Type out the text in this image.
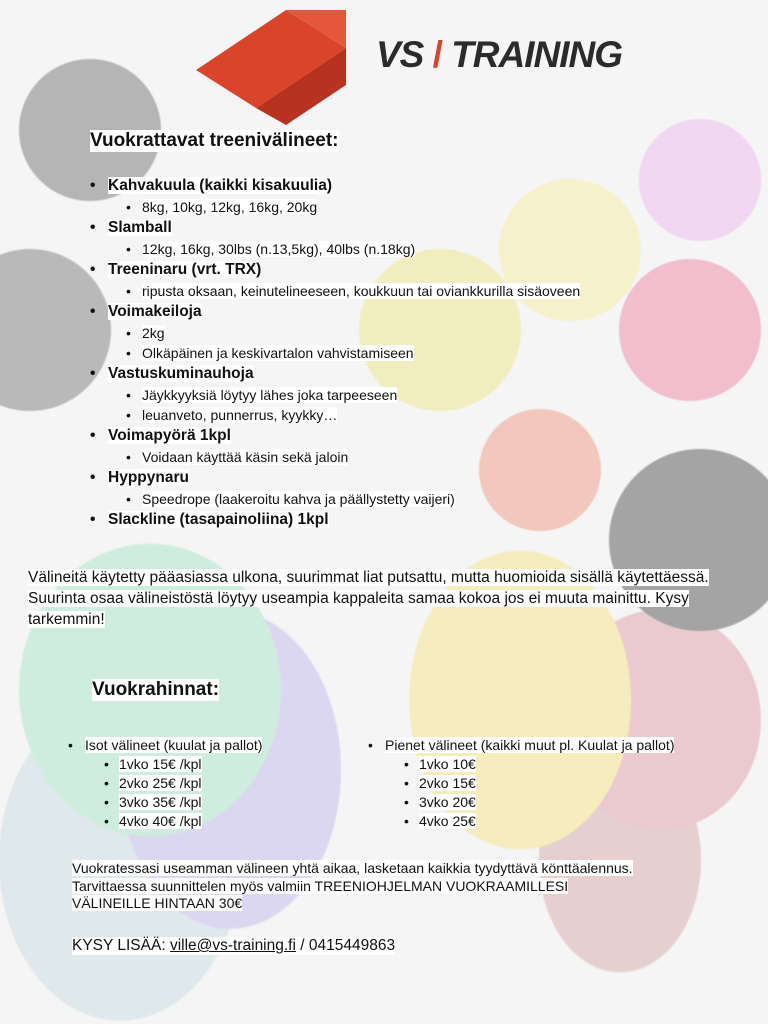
VS / TRAINING
Vuokrattavat treenivälineet:
• Kahvakuula (kaikki kisakuulia)
• 8kg, 10kg, 12kg, 16kg, 20kg
• Slamball
• 12kg, 16kg, 30lbs (n.13,5kg), 40lbs (n.18kg)
• Treeninaru (vrt. TRX)
• ripusta oksaan, keinutelineeseen, koukkuun tai oviankkurilla sisäoveen
• Voimakeiloja
• 2kg
• Olkäpäinen ja keskivartalon vahvistamiseen
• Vastuskuminauhoja
• Jäykkyyksiä löytyy lähes joka tarpeeseen
• leuanveto, punnerrus, kyykky…
• Voimapyörä 1kpl
• Voidaan käyttää käsin sekä jaloin
• Hyppynaru
• Speedrope (laakeroitu kahva ja päällystetty vaijeri)
• Slackline (tasapainoliina) 1kpl
Välineitä käytetty pääasiassa ulkona, suurimmat liat putsattu, mutta huomioida sisällä käytettäessä. Suurinta osaa välineistöstä löytyy useampia kappaleita samaa kokoa jos ei muuta mainittu. Kysy tarkemmin!
Vuokrahinnat:
• Isot välineet (kuulat ja pallot)
• 1vko 15€ /kpl
• 2vko 25€ /kpl
• 3vko 35€ /kpl
• 4vko 40€ /kpl
• Pienet välineet (kaikki muut pl. Kuulat ja pallot)
• 1vko 10€
• 2vko 15€
• 3vko 20€
• 4vko 25€
Vuokratessasi useamman välineen yhtä aikaa, lasketaan kaikkia tyydyttävä könttäalennus.
Tarvittaessa suunnittelen myös valmiin TREENIOHJELMAN VUOKRAAMILLESI
VÄLINEILLE HINTAAN 30€
KYSY LISÄÄ: ville@vs-training.fi / 0415449863
